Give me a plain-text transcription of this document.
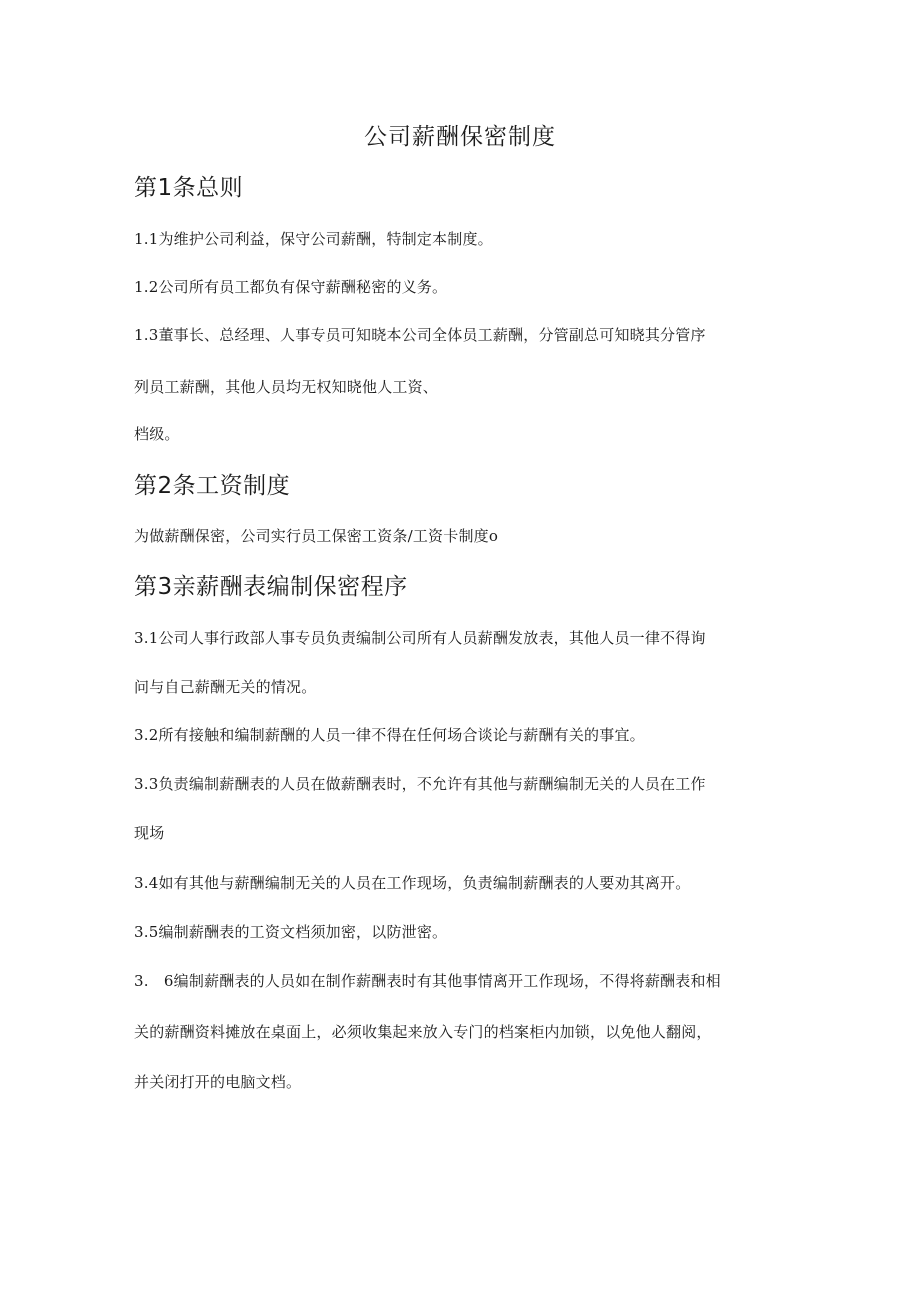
公司薪酬保密制度
第1条总则
1.1为维护公司利益，保守公司薪酬，特制定本制度。
1.2公司所有员工都负有保守薪酬秘密的义务。
1.3董事长、总经理、人事专员可知晓本公司全体员工薪酬，分管副总可知晓其分管序
列员工薪酬，其他人员均无权知晓他人工资、
档级。
第2条工资制度
为做薪酬保密，公司实行员工保密工资条/工资卡制度o
第3亲薪酬表编制保密程序
3.1公司人事行政部人事专员负责编制公司所有人员薪酬发放表，其他人员一律不得询
问与自己薪酬无关的情况。
3.2所有接触和编制薪酬的人员一律不得在任何场合谈论与薪酬有关的事宜。
3.3负责编制薪酬表的人员在做薪酬表时，不允许有其他与薪酬编制无关的人员在工作
现场
3.4如有其他与薪酬编制无关的人员在工作现场，负责编制薪酬表的人要劝其离开。
3.5编制薪酬表的工资文档须加密，以防泄密。
3.　6编制薪酬表的人员如在制作薪酬表时有其他事情离开工作现场，不得将薪酬表和相
关的薪酬资料摊放在桌面上，必须收集起来放入专门的档案柜内加锁，以免他人翻阅，
并关闭打开的电脑文档。
